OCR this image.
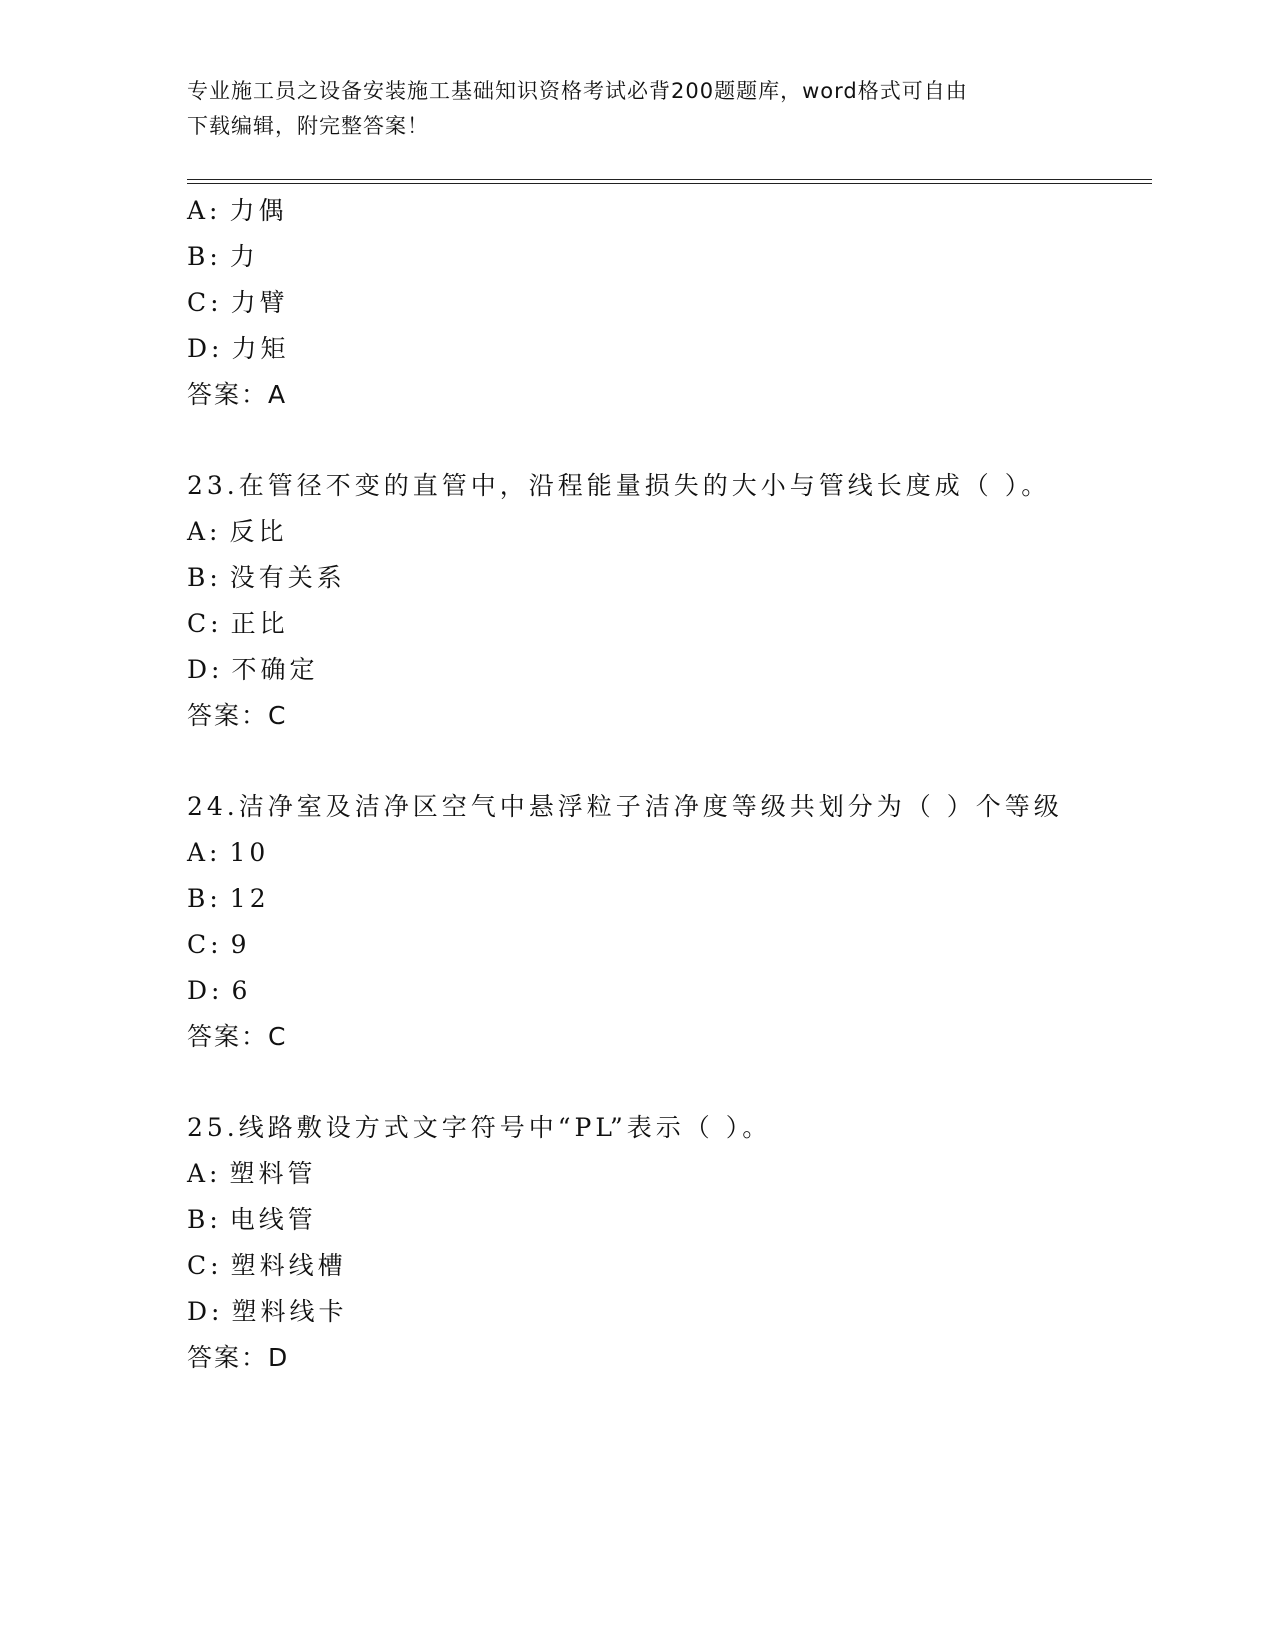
专业施工员之设备安装施工基础知识资格考试必背200题题库，word格式可自由
下载编辑，附完整答案！
A: 力偶
B: 力
C: 力臂
D: 力矩
答案：A
23.在管径不变的直管中，沿程能量损失的大小与管线长度成（ ）。
A: 反比
B: 没有关系
C: 正比
D: 不确定
答案：C
24.洁净室及洁净区空气中悬浮粒子洁净度等级共划分为（ ）个等级
A: 10
B: 12
C: 9
D: 6
答案：C
25.线路敷设方式文字符号中“PL”表示（ ）。
A: 塑料管
B: 电线管
C: 塑料线槽
D: 塑料线卡
答案：D
